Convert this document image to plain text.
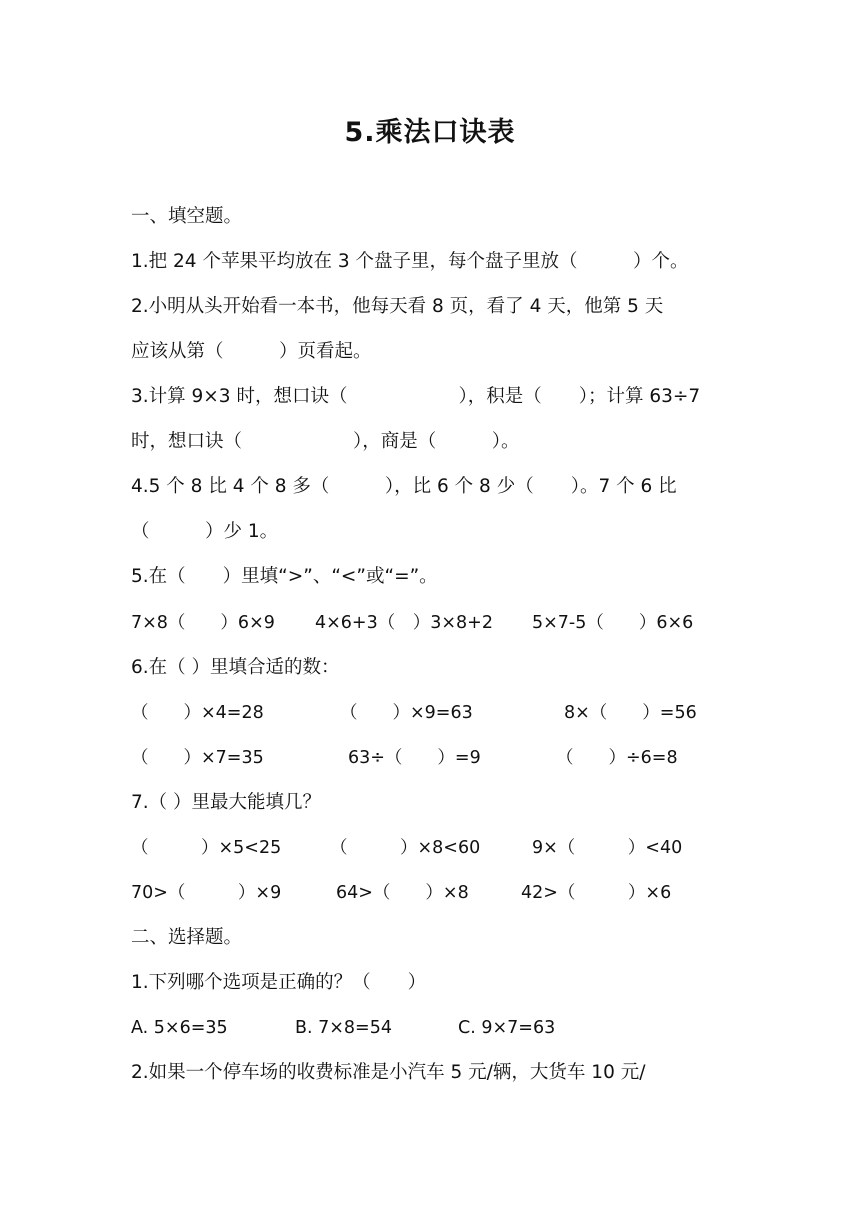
5.乘法口诀表
一、填空题。
1.把 24 个苹果平均放在 3 个盘子里，每个盘子里放（　　　）个。
2.小明从头开始看一本书，他每天看 8 页，看了 4 天，他第 5 天
应该从第（　　　）页看起。
3.计算 9×3 时，想口诀（　　　　　　），积是（　　）；计算 63÷7
时，想口诀（　　　　　　），商是（　　　）。
4.5 个 8 比 4 个 8 多（　　　），比 6 个 8 少（　　）。7 个 6 比
（　　　）少 1。
5.在（　　）里填“>”、“<”或“=”。
7×8（　　）6×9 4×6+3（　）3×8+2 5×7-5（　　）6×6
6.在（ ）里填合适的数：
（　　）×4=28	（　　）×9=63	8×（　　）=56
（　　）×7=35	63÷（　　）=9	（　　）÷6=8
7.（ ）里最大能填几？
（　　　）×5<25	（　　　）×8<60	9×（　　　）<40
70>（　　　）×9	64>（　　）×8	42>（　　　）×6
二、选择题。
1.下列哪个选项是正确的？（　　）
A. 5×6=35	B. 7×8=54	C. 9×7=63
2.如果一个停车场的收费标准是小汽车 5 元/辆，大货车 10 元/
